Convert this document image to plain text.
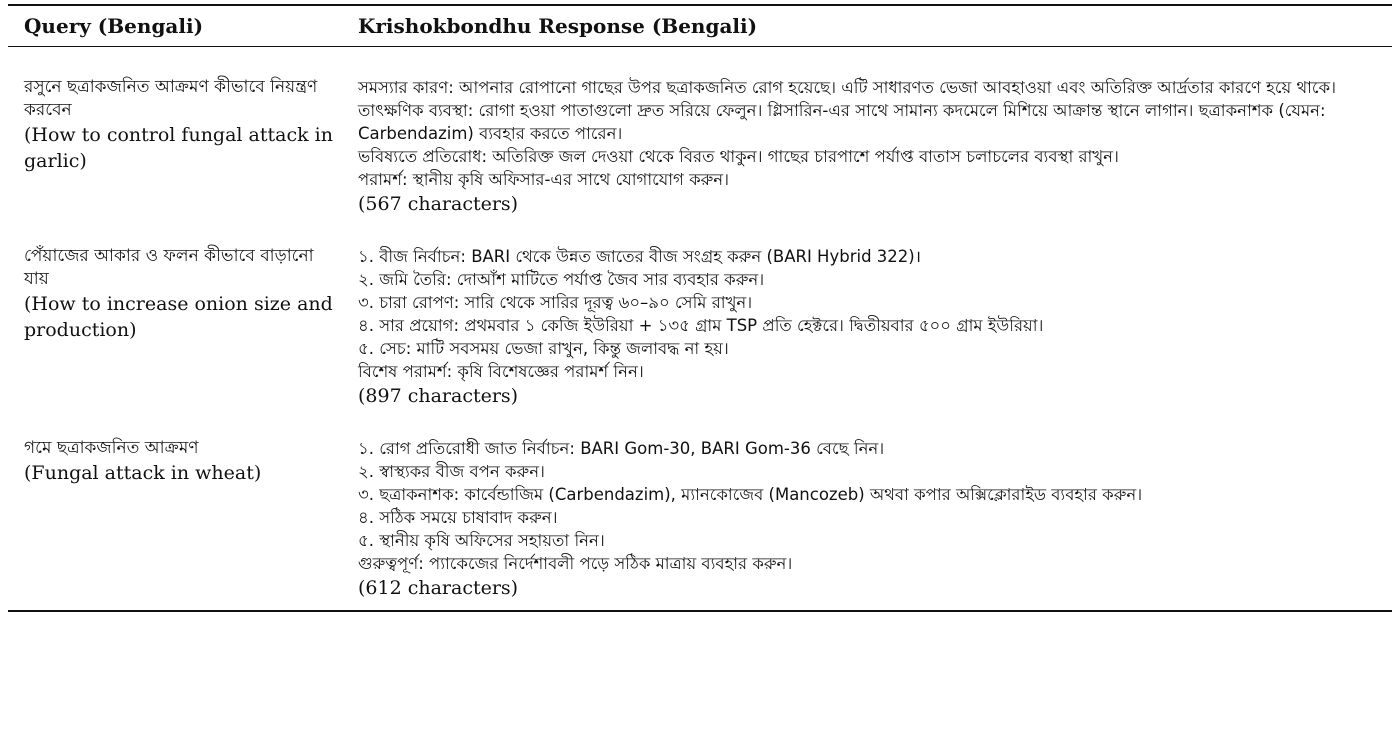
Query (Bengali)	Krishokbondhu Response (Bengali)
রসুনে ছত্রাকজনিত আক্রমণ কীভাবে নিয়ন্ত্রণ করবেন
(How to control fungal attack in garlic)
সমস্যার কারণ: আপনার রোপানো গাছের উপর ছত্রাকজনিত রোগ হয়েছে। এটি সাধারণত ভেজা আবহাওয়া এবং অতিরিক্ত আর্দ্রতার কারণে হয়ে থাকে।
তাৎক্ষণিক ব্যবস্থা: রোগা হওয়া পাতাগুলো দ্রুত সরিয়ে ফেলুন। গ্লিসারিন-এর সাথে সামান্য কদমেলে মিশিয়ে আক্রান্ত স্থানে লাগান। ছত্রাকনাশক (যেমন: Carbendazim) ব্যবহার করতে পারেন।
ভবিষ্যতে প্রতিরোধ: অতিরিক্ত জল দেওয়া থেকে বিরত থাকুন। গাছের চারপাশে পর্যাপ্ত বাতাস চলাচলের ব্যবস্থা রাখুন।
পরামর্শ: স্থানীয় কৃষি অফিসার-এর সাথে যোগাযোগ করুন।
(567 characters)
পেঁয়াজের আকার ও ফলন কীভাবে বাড়ানো যায়
(How to increase onion size and production)
১. বীজ নির্বাচন: BARI থেকে উন্নত জাতের বীজ সংগ্রহ করুন (BARI Hybrid 322)।
২. জমি তৈরি: দোআঁশ মাটিতে পর্যাপ্ত জৈব সার ব্যবহার করুন।
৩. চারা রোপণ: সারি থেকে সারির দূরত্ব ৬০–৯০ সেমি রাখুন।
৪. সার প্রয়োগ: প্রথমবার ১ কেজি ইউরিয়া + ১৩৫ গ্রাম TSP প্রতি হেক্টরে। দ্বিতীয়বার ৫০০ গ্রাম ইউরিয়া।
৫. সেচ: মাটি সবসময় ভেজা রাখুন, কিন্তু জলাবদ্ধ না হয়।
বিশেষ পরামর্শ: কৃষি বিশেষজ্ঞের পরামর্শ নিন।
(897 characters)
গমে ছত্রাকজনিত আক্রমণ
(Fungal attack in wheat)
১. রোগ প্রতিরোধী জাত নির্বাচন: BARI Gom-30, BARI Gom-36 বেছে নিন।
২. স্বাস্থ্যকর বীজ বপন করুন।
৩. ছত্রাকনাশক: কার্বেন্ডাজিম (Carbendazim), ম্যানকোজেব (Mancozeb) অথবা কপার অক্সিক্লোরাইড ব্যবহার করুন।
৪. সঠিক সময়ে চাষাবাদ করুন।
৫. স্থানীয় কৃষি অফিসের সহায়তা নিন।
গুরুত্বপূর্ণ: প্যাকেজের নির্দেশাবলী পড়ে সঠিক মাত্রায় ব্যবহার করুন।
(612 characters)
